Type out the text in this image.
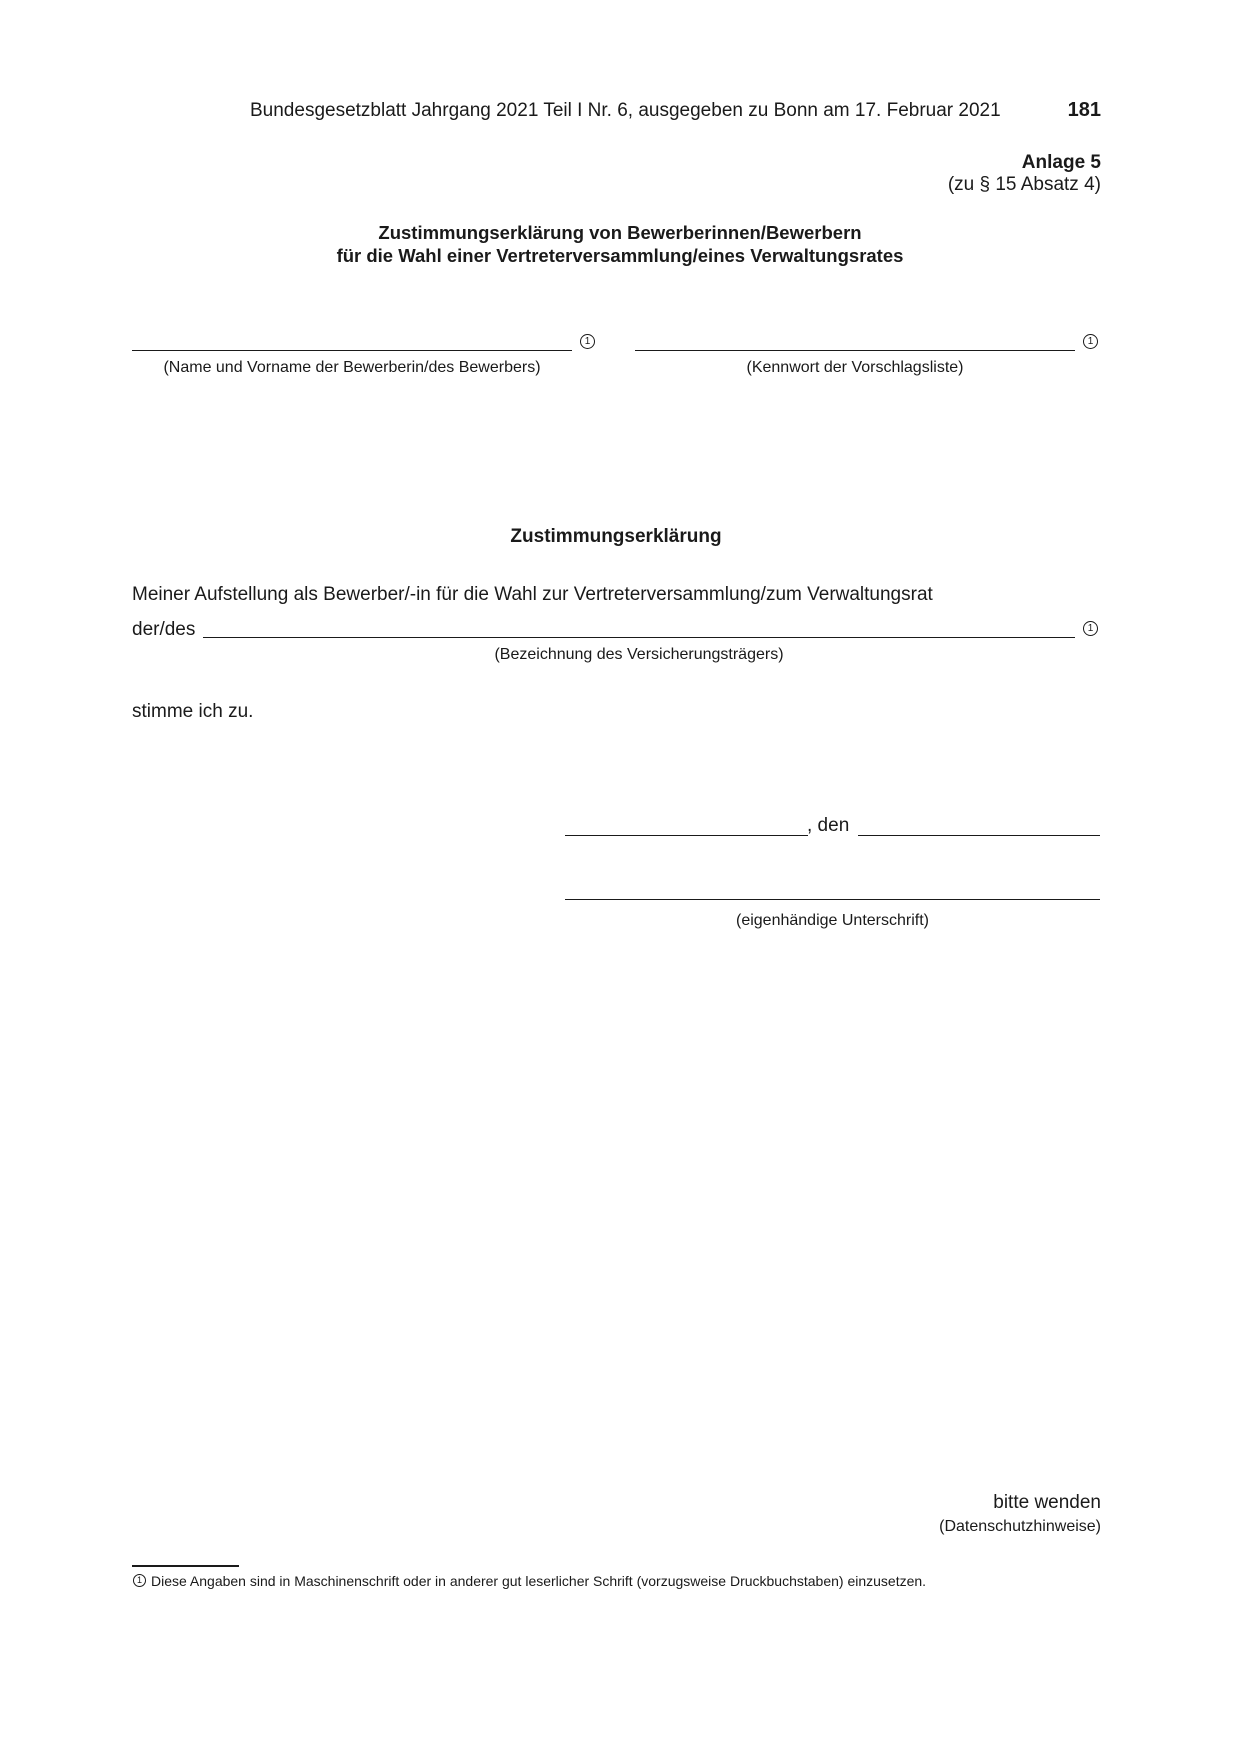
Bundesgesetzblatt Jahrgang 2021 Teil I Nr. 6, ausgegeben zu Bonn am 17. Februar 2021	181
Anlage 5
(zu § 15 Absatz 4)
Zustimmungserklärung von Bewerberinnen/Bewerbern
für die Wahl einer Vertreterversammlung/eines Verwaltungsrates
1
(Name und Vorname der Bewerberin/des Bewerbers)
1
(Kennwort der Vorschlagsliste)
Zustimmungserklärung
Meiner Aufstellung als Bewerber/-in für die Wahl zur Vertreterversammlung/zum Verwaltungsrat
der/des	1
(Bezeichnung des Versicherungsträgers)
stimme ich zu.
, den
(eigenhändige Unterschrift)
bitte wenden
(Datenschutzhinweise)
1 Diese Angaben sind in Maschinenschrift oder in anderer gut leserlicher Schrift (vorzugsweise Druckbuchstaben) einzusetzen.
